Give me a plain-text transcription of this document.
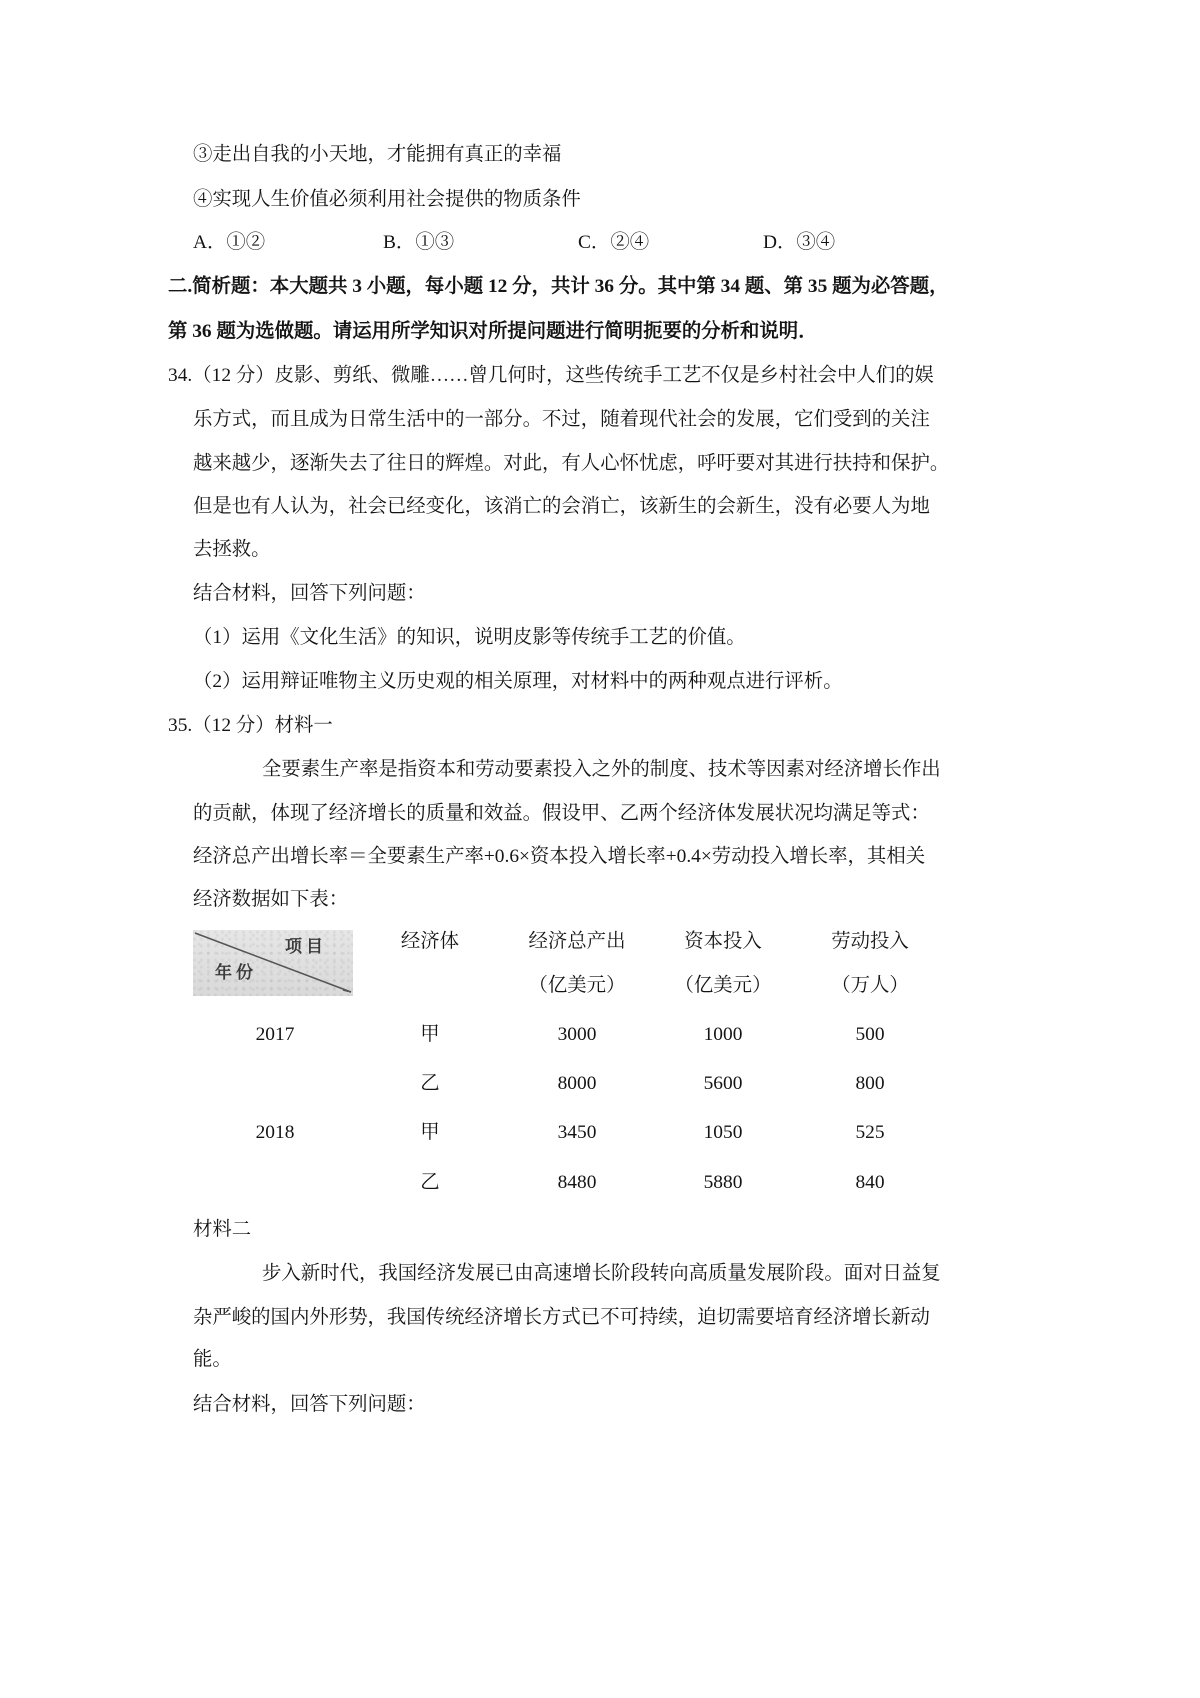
③走出自我的小天地，才能拥有真正的幸福
④实现人生价值必须利用社会提供的物质条件
A．①②	B．①③	C．②④	D．③④
二.简析题：本大题共 3 小题，每小题 12 分，共计 36 分。其中第 34 题、第 35 题为必答题，
第 36 题为选做题。请运用所学知识对所提问题进行简明扼要的分析和说明．
34.（12 分）皮影、剪纸、微雕……曾几何时，这些传统手工艺不仅是乡村社会中人们的娱
乐方式，而且成为日常生活中的一部分。不过，随着现代社会的发展，它们受到的关注
越来越少，逐渐失去了往日的辉煌。对此，有人心怀忧虑，呼吁要对其进行扶持和保护。
但是也有人认为，社会已经变化，该消亡的会消亡，该新生的会新生，没有必要人为地
去拯救。
结合材料，回答下列问题：
（1）运用《文化生活》的知识，说明皮影等传统手工艺的价值。
（2）运用辩证唯物主义历史观的相关原理，对材料中的两种观点进行评析。
35.（12 分）材料一
全要素生产率是指资本和劳动要素投入之外的制度、技术等因素对经济增长作出
的贡献，体现了经济增长的质量和效益。假设甲、乙两个经济体发展状况均满足等式：
经济总产出增长率＝全要素生产率+0.6×资本投入增长率+0.4×劳动投入增长率，其相关
经济数据如下表：
项目
年份
经济体	经济总产出	资本投入	劳动投入
（亿美元）	（亿美元）	（万人）
2017	甲	3000	1000	500
乙	8000	5600	800
2018	甲	3450	1050	525
乙	8480	5880	840
材料二
步入新时代，我国经济发展已由高速增长阶段转向高质量发展阶段。面对日益复
杂严峻的国内外形势，我国传统经济增长方式已不可持续，迫切需要培育经济增长新动
能。
结合材料，回答下列问题：
